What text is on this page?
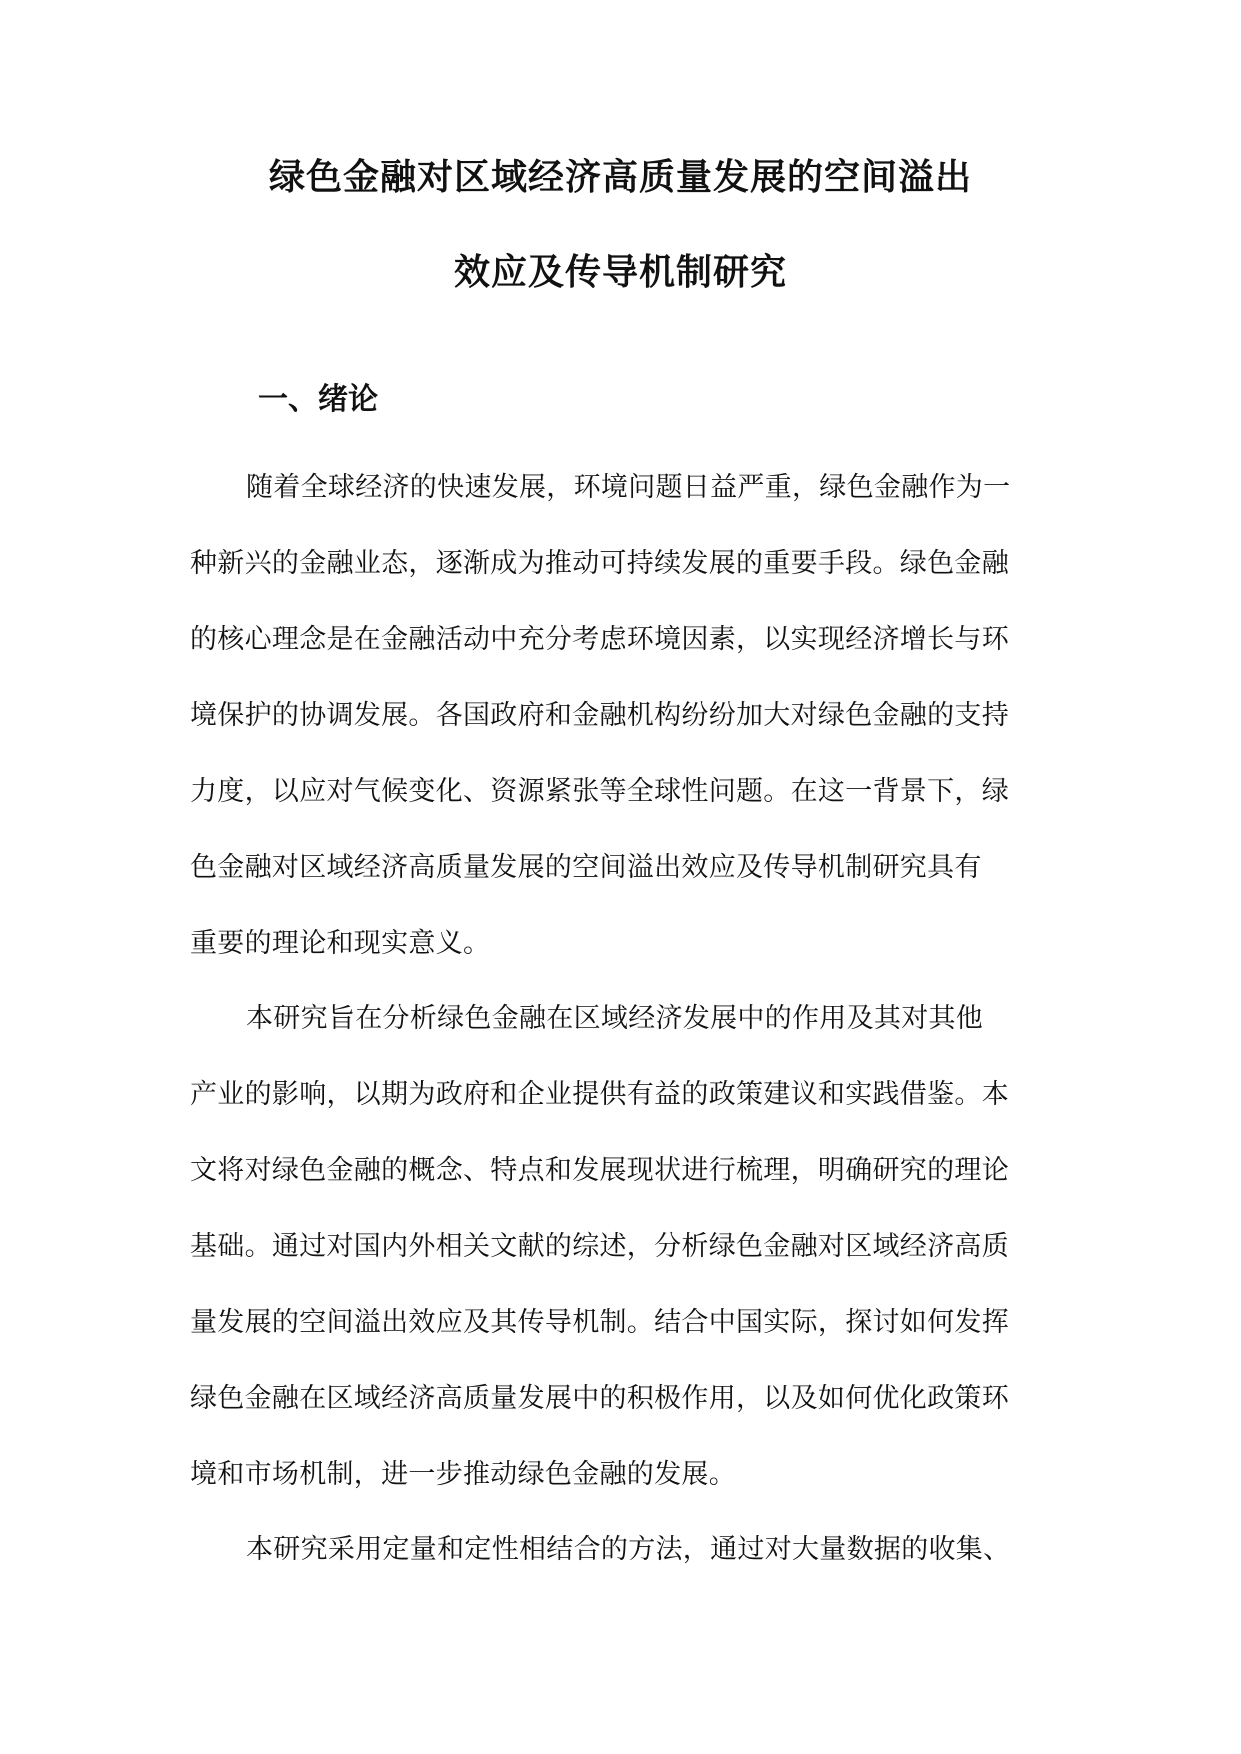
绿色金融对区域经济高质量发展的空间溢出
效应及传导机制研究
一、绪论
随着全球经济的快速发展，环境问题日益严重，绿色金融作为一
种新兴的金融业态，逐渐成为推动可持续发展的重要手段。绿色金融
的核心理念是在金融活动中充分考虑环境因素，以实现经济增长与环
境保护的协调发展。各国政府和金融机构纷纷加大对绿色金融的支持
力度，以应对气候变化、资源紧张等全球性问题。在这一背景下，绿
色金融对区域经济高质量发展的空间溢出效应及传导机制研究具有
重要的理论和现实意义。
本研究旨在分析绿色金融在区域经济发展中的作用及其对其他
产业的影响，以期为政府和企业提供有益的政策建议和实践借鉴。本
文将对绿色金融的概念、特点和发展现状进行梳理，明确研究的理论
基础。通过对国内外相关文献的综述，分析绿色金融对区域经济高质
量发展的空间溢出效应及其传导机制。结合中国实际，探讨如何发挥
绿色金融在区域经济高质量发展中的积极作用，以及如何优化政策环
境和市场机制，进一步推动绿色金融的发展。
本研究采用定量和定性相结合的方法，通过对大量数据的收集、
